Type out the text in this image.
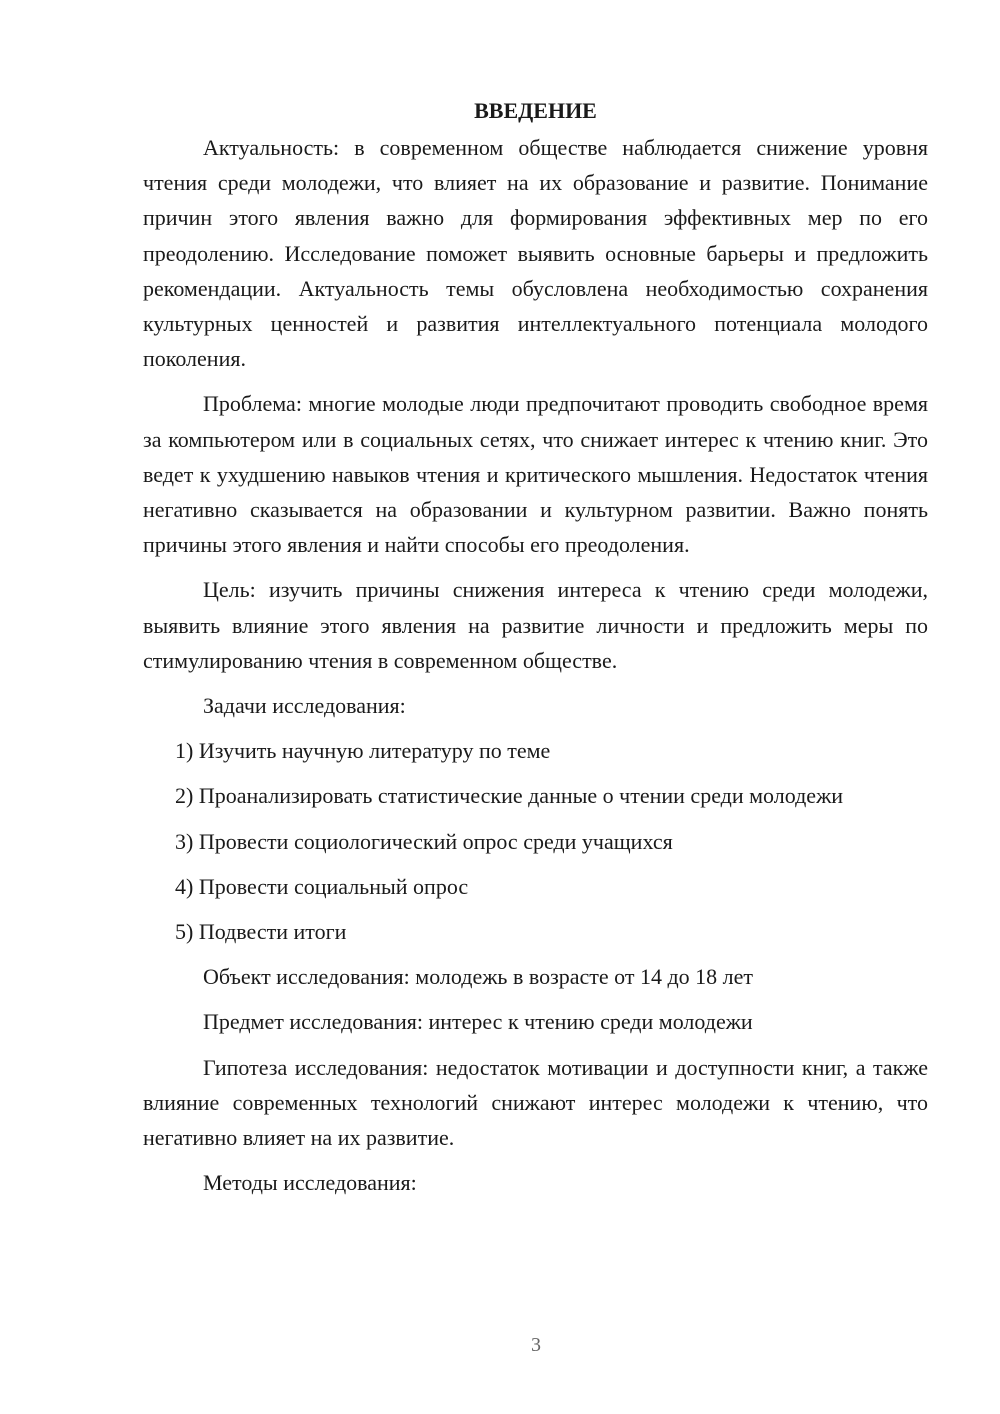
ВВЕДЕНИЕ

Актуальность: в современном обществе наблюдается снижение уровня чтения среди молодежи, что влияет на их образование и развитие. Понимание причин этого явления важно для формирования эффективных мер по его преодолению. Исследование поможет выявить основные барьеры и предложить рекомендации. Актуальность темы обусловлена необходимостью сохранения культурных ценностей и развития интеллектуального потенциала молодого поколения.

Проблема: многие молодые люди предпочитают проводить свободное время за компьютером или в социальных сетях, что снижает интерес к чтению книг. Это ведет к ухудшению навыков чтения и критического мышления. Недостаток чтения негативно сказывается на образовании и культурном развитии. Важно понять причины этого явления и найти способы его преодоления.

Цель: изучить причины снижения интереса к чтению среди молодежи, выявить влияние этого явления на развитие личности и предложить меры по стимулированию чтения в современном обществе.

Задачи исследования:

1) Изучить научную литературу по теме

2) Проанализировать статистические данные о чтении среди молодежи

3) Провести социологический опрос среди учащихся

4) Провести социальный опрос

5) Подвести итоги

Объект исследования: молодежь в возрасте от 14 до 18 лет

Предмет исследования: интерес к чтению среди молодежи

Гипотеза исследования: недостаток мотивации и доступности книг, а также влияние современных технологий снижают интерес молодежи к чтению, что негативно влияет на их развитие.

Методы исследования:

3
